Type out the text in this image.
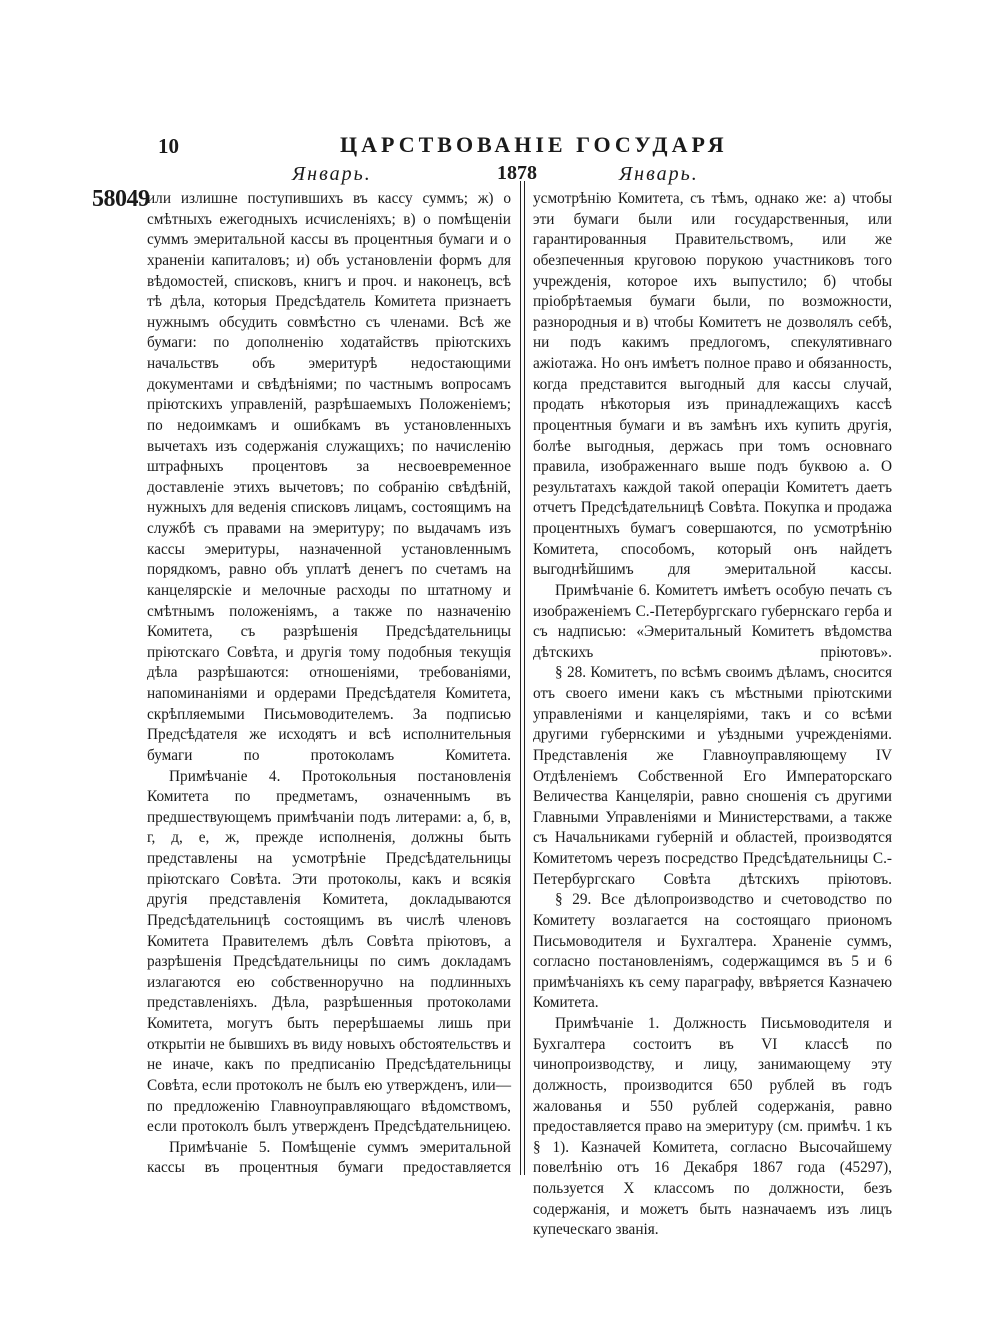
10	ЦАРСТВОВАНІЕ ГОСУДАРЯ
Январь.	1878	Январь.
58049

или излишне поступившихъ въ кассу суммъ; ж) о смѣтныхъ ежегодныхъ исчисленіяхъ; в) о помѣщеніи суммъ эмеритальной кассы въ процентныя бумаги и о храненіи капиталовъ; и) объ установленіи формъ для вѣдомостей, списковъ, книгъ и проч. и наконецъ, всѣ тѣ дѣла, которыя Предсѣдатель Комитета признаетъ нужнымъ обсудить совмѣстно съ членами. Всѣ же бумаги: по дополненію ходатайствъ пріютскихъ начальствъ объ эмеритурѣ недостающими документами и свѣдѣніями; по частнымъ вопросамъ пріютскихъ управленій, разрѣшаемыхъ Положеніемъ; по недоимкамъ и ошибкамъ въ установленныхъ вычетахъ изъ содержанія служащихъ; по начисленію штрафныхъ процентовъ за несвоевременное доставленіе этихъ вычетовъ; по собранію свѣдѣній, нужныхъ для веденія списковъ лицамъ, состоящимъ на службѣ съ правами на эмеритуру; по выдачамъ изъ кассы эмеритуры, назначенной установленнымъ порядкомъ, равно объ уплатѣ денегъ по счетамъ на канцелярскіе и мелочные расходы по штатному и смѣтнымъ положеніямъ, а также по назначенію Комитета, съ разрѣшенія Предсѣдательницы пріютскаго Совѣта, и другія тому подобныя текущія дѣла разрѣшаются: отношеніями, требованіями, напоминаніями и ордерами Предсѣдателя Комитета, скрѣпляемыми Письмоводителемъ. За подписью Предсѣдателя же исходятъ и всѣ исполнительныя бумаги по протоколамъ Комитета.

Примѣчаніе 4. Протокольныя постановленія Комитета по предметамъ, означеннымъ въ предшествующемъ примѣчаніи подъ литерами: а, б, в, г, д, е, ж, прежде исполненія, должны быть представлены на усмотрѣніе Предсѣдательницы пріютскаго Совѣта. Эти протоколы, какъ и всякія другія представленія Комитета, докладываются Предсѣдательницѣ состоящимъ въ числѣ членовъ Комитета Правителемъ дѣлъ Совѣта пріютовъ, а разрѣшенія Предсѣдательницы по симъ докладамъ излагаются ею собственноручно на подлинныхъ представленіяхъ. Дѣла, разрѣшенныя протоколами Комитета, могутъ быть перерѣшаемы лишь при открытіи не бывшихъ въ виду новыхъ обстоятельствъ и не иначе, какъ по предписанію Предсѣдательницы Совѣта, если протоколъ не былъ ею утвержденъ, или— по предложенію Главноуправляющаго вѣдомствомъ, если протоколъ былъ утвержденъ Предсѣдательницею.

Примѣчаніе 5. Помѣщеніе суммъ эмеритальной кассы въ процентныя бумаги предоставляется

усмотрѣнію Комитета, съ тѣмъ, однако же: а) чтобы эти бумаги были или государственныя, или гарантированныя Правительствомъ, или же обезпеченныя круговою порукою участниковъ того учрежденія, которое ихъ выпустило; б) чтобы пріобрѣтаемыя бумаги были, по возможности, разнородныя и в) чтобы Комитетъ не дозволялъ себѣ, ни подъ какимъ предлогомъ, спекулятивнаго ажіотажа. Но онъ имѣетъ полное право и обязанность, когда представится выгодный для кассы случай, продать нѣкоторыя изъ принадлежащихъ кассѣ процентныя бумаги и въ замѣнъ ихъ купить другія, болѣе выгодныя, держась при томъ основнаго правила, изображеннаго выше подъ буквою а. О результатахъ каждой такой операціи Комитетъ даетъ отчетъ Предсѣдательницѣ Совѣта. Покупка и продажа процентныхъ бумагъ совершаются, по усмотрѣнію Комитета, способомъ, который онъ найдетъ выгоднѣйшимъ для эмеритальной кассы.

Примѣчаніе 6. Комитетъ имѣетъ особую печать съ изображеніемъ С.-Петербургскаго губернскаго герба и съ надписью: «Эмеритальный Комитетъ вѣдомства дѣтскихъ пріютовъ».

§ 28. Комитетъ, по всѣмъ своимъ дѣламъ, сносится отъ своего имени какъ съ мѣстными пріютскими управленіями и канцеляріями, такъ и со всѣми другими губернскими и уѣздными учрежденіями. Представленія же Главноуправляющему IV Отдѣленіемъ Собственной Его Императорскаго Величества Канцеляріи, равно сношенія съ другими Главными Управленіями и Министерствами, а также съ Начальниками губерній и областей, производятся Комитетомъ черезъ посредство Предсѣдательницы С.-Петербургскаго Совѣта дѣтскихъ пріютовъ.

§ 29. Все дѣлопроизводство и счетоводство по Комитету возлагается на состоящаго приономъ Письмоводителя и Бухгалтера. Храненіе суммъ, согласно постановленіямъ, содержащимся въ 5 и 6 примѣчаніяхъ къ сему параграфу, ввѣряется Казначею Комитета.

Примѣчаніе 1. Должность Письмоводителя и Бухгалтера состоитъ въ VI классѣ по чинопроизводству, и лицу, занимающему эту должность, производится 650 рублей въ годъ жалованья и 550 рублей содержанія, равно предоставляется право на эмеритуру (см. примѣч. 1 къ § 1). Казначей Комитета, согласно Высочайшему повелѣнію отъ 16 Декабря 1867 года (45297), пользуется X классомъ по должности, безъ содержанія, и можетъ быть назначаемъ изъ лицъ купеческаго званія.
